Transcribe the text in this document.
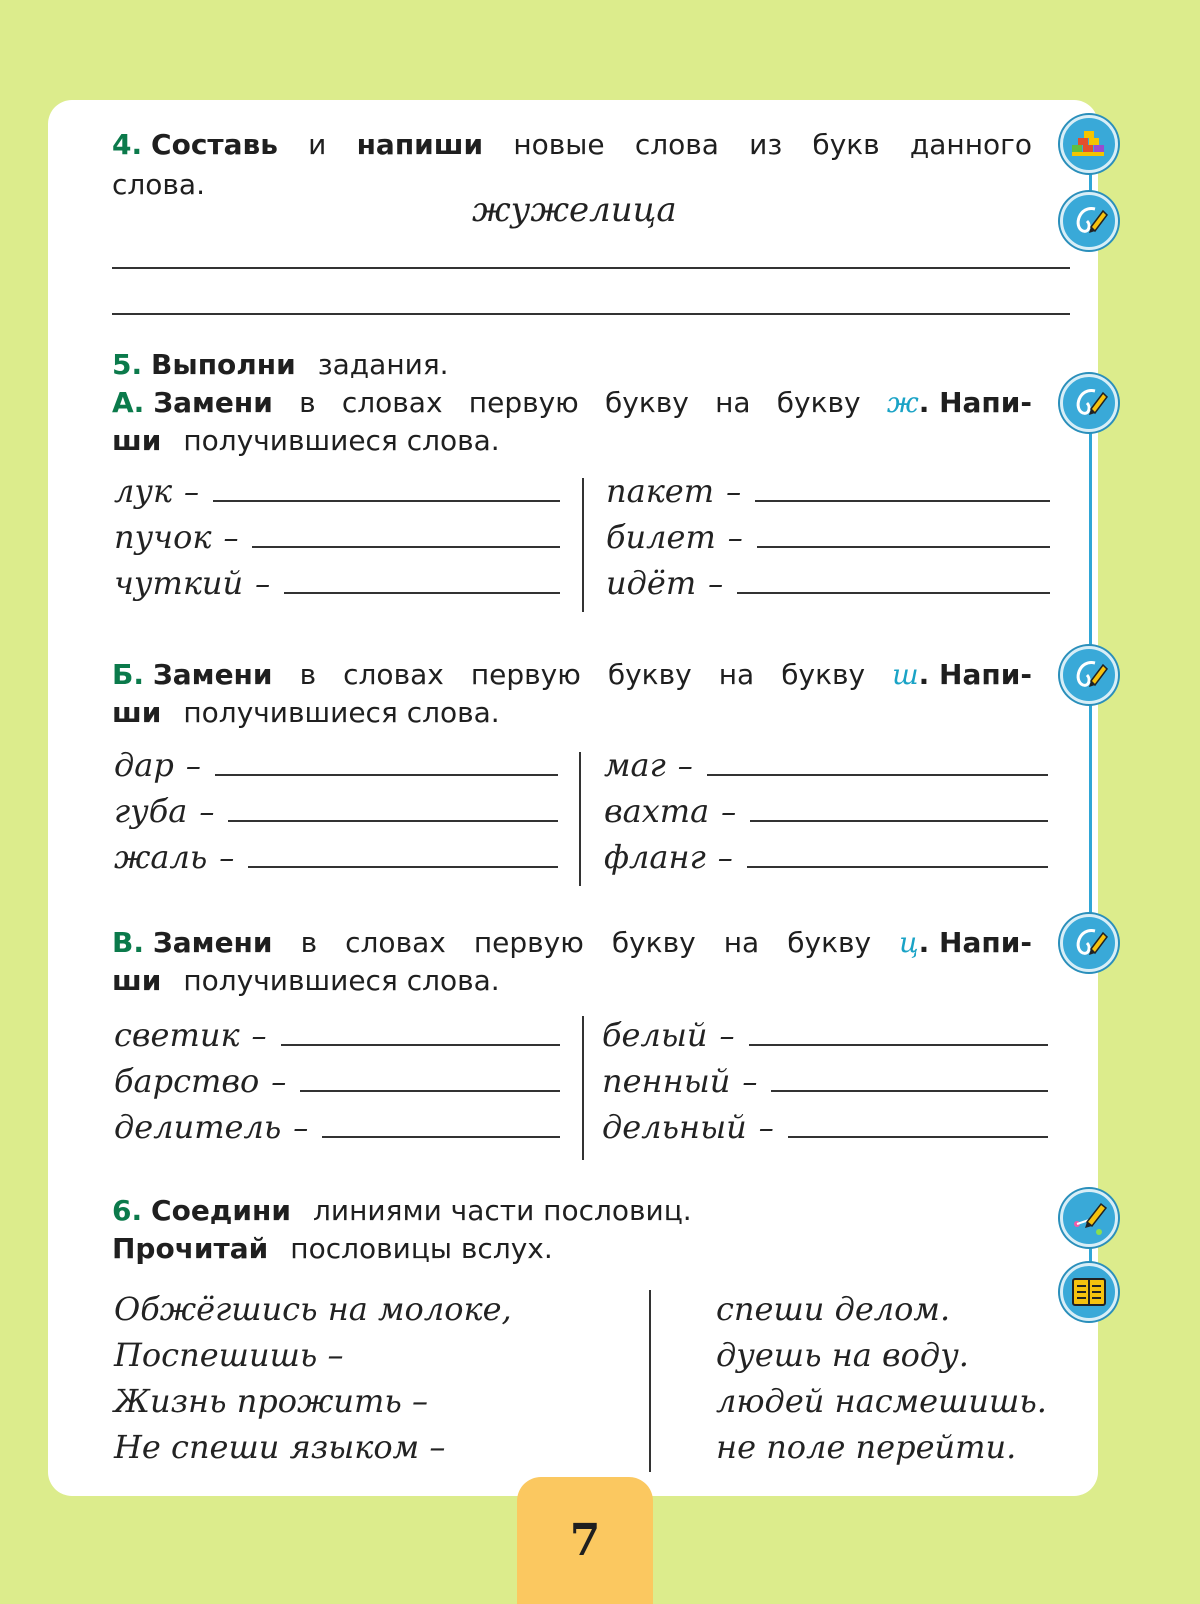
4. Составь и напиши новые слова из букв данного
слова.
жужелица
5. Выполни задания.
А. Замени в словах первую букву на букву ж. Напи-
ши получившиеся слова.
лук –
пучок –
чуткий –
пакет –
билет –
идёт –
Б. Замени в словах первую букву на букву ш. Напи-
ши получившиеся слова.
дар –
губа –
жаль –
маг –
вахта –
фланг –
В. Замени в словах первую букву на букву ц. Напи-
ши получившиеся слова.
светик –
барство –
делитель –
белый –
пенный –
дельный –
6. Соедини линиями части пословиц.
Прочитай пословицы вслух.
Обжёгшись на молоке,
Поспешишь –
Жизнь прожить –
Не спеши языком –
спеши делом.
дуешь на воду.
людей насмешишь.
не поле перейти.
7
